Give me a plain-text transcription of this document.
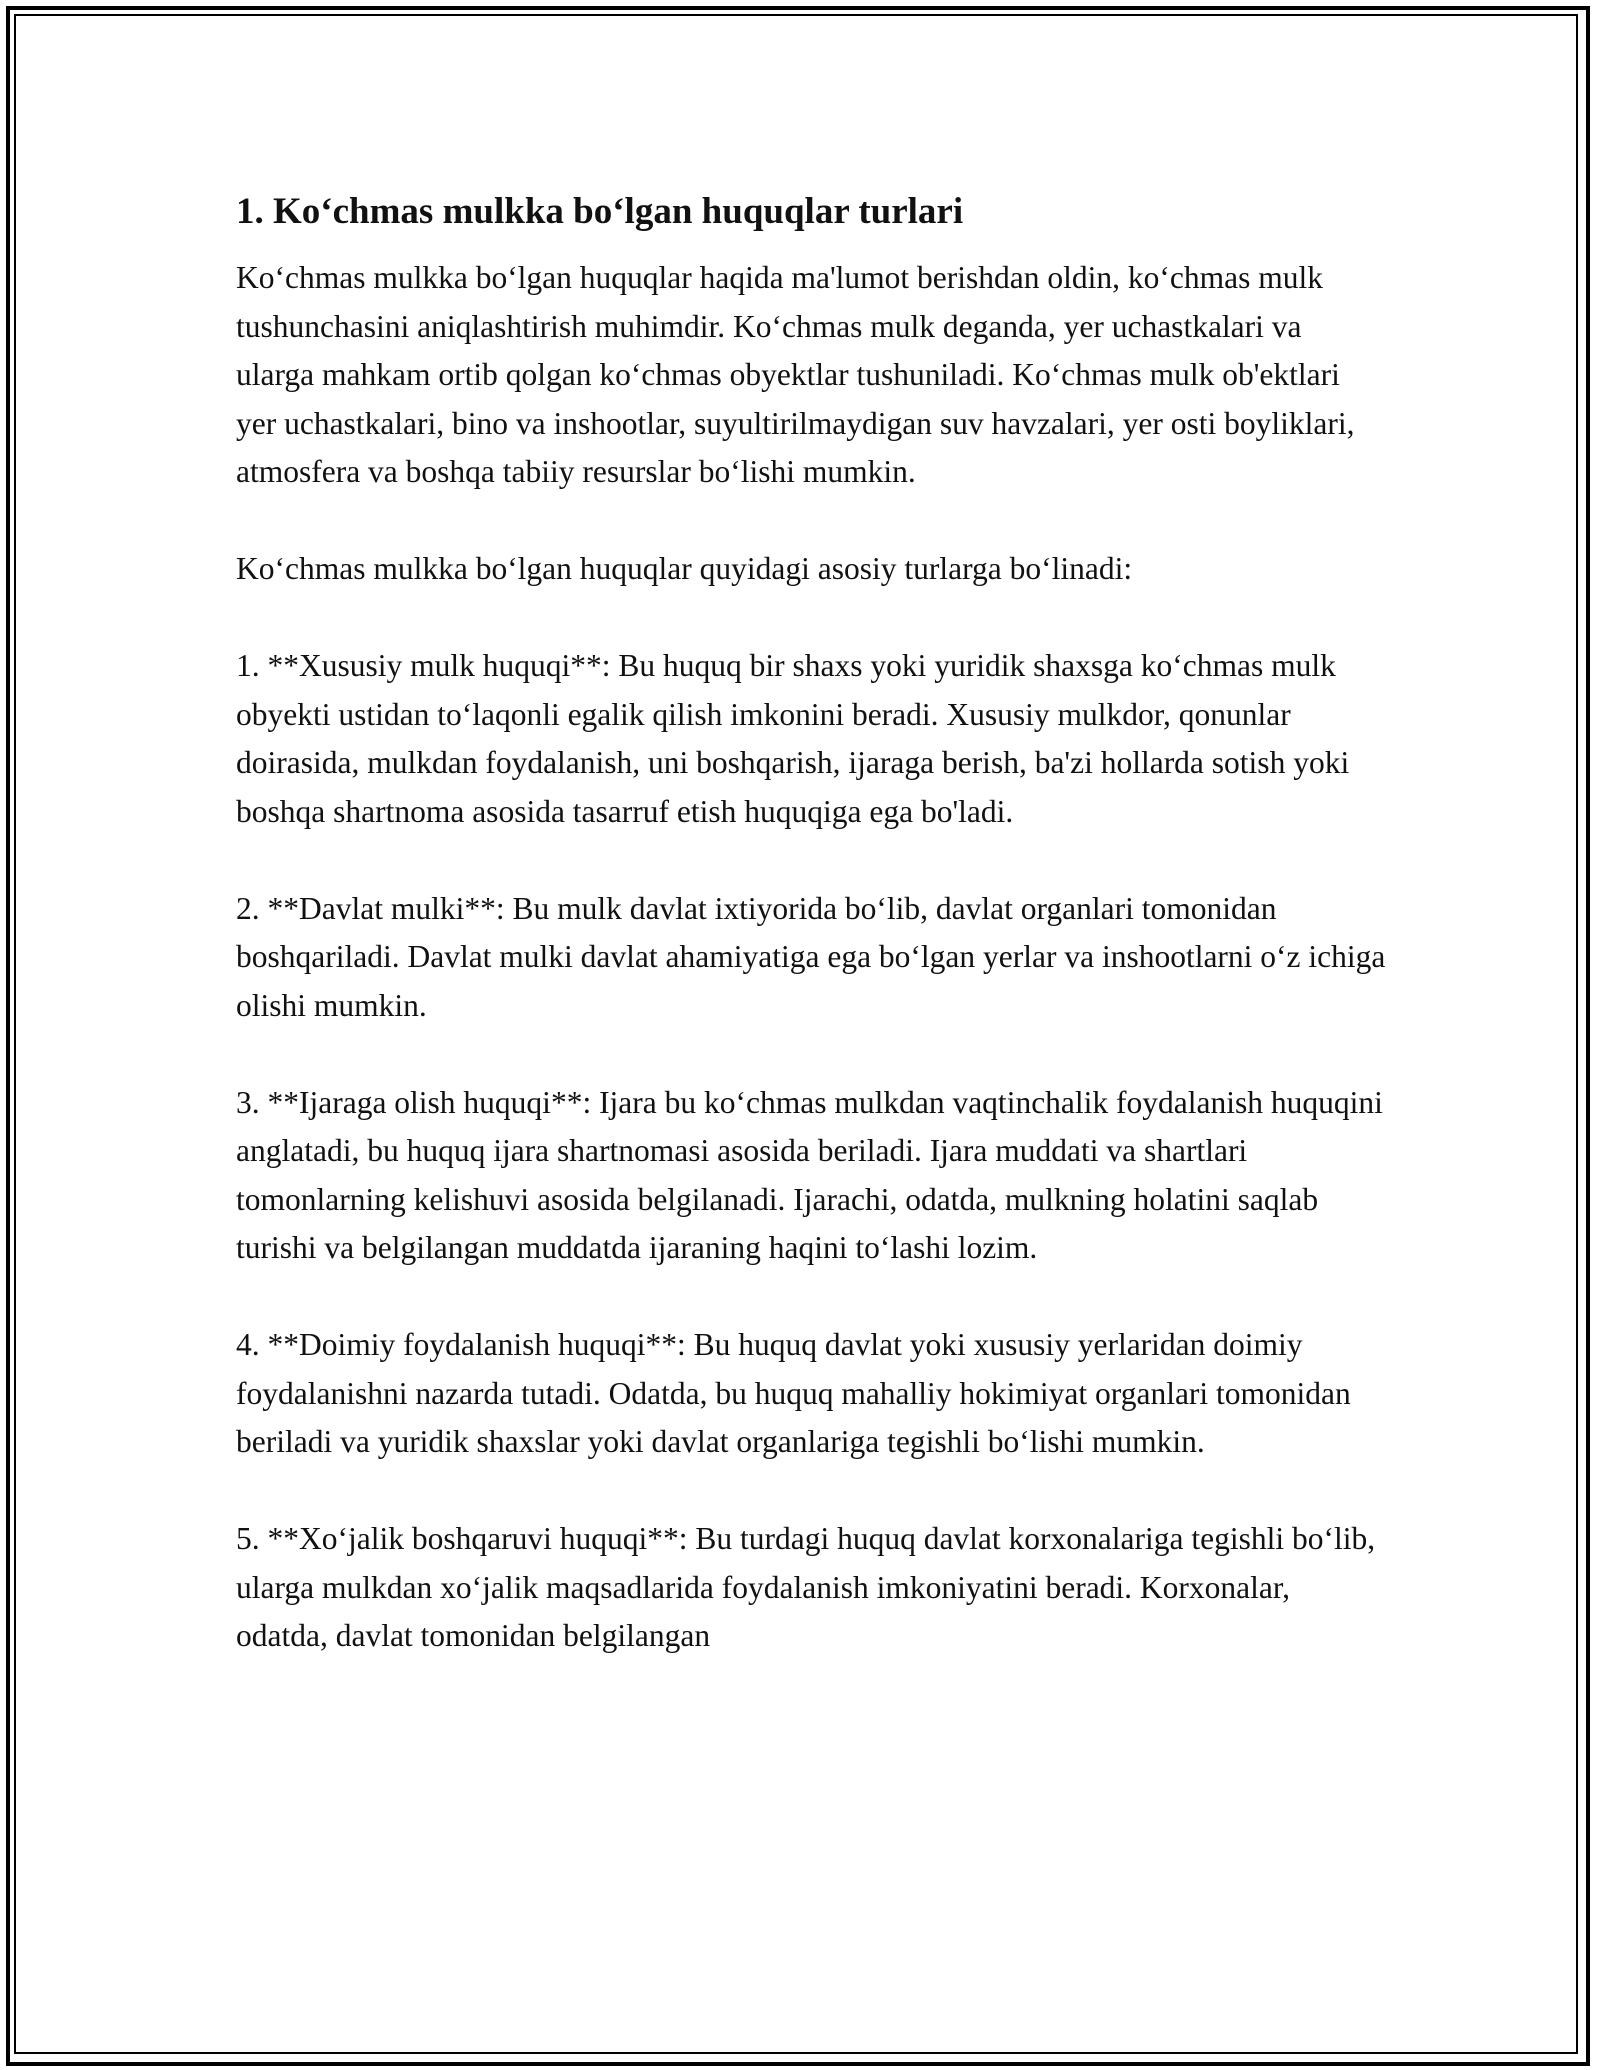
1. Ko‘chmas mulkka bo‘lgan huquqlar turlari

Ko‘chmas mulkka bo‘lgan huquqlar haqida ma'lumot berishdan oldin, ko‘chmas mulk tushunchasini aniqlashtirish muhimdir. Ko‘chmas mulk deganda, yer uchastkalari va ularga mahkam ortib qolgan ko‘chmas obyektlar tushuniladi. Ko‘chmas mulk ob'ektlari yer uchastkalari, bino va inshootlar, suyultirilmaydigan suv havzalari, yer osti boyliklari, atmosfera va boshqa tabiiy resurslar bo‘lishi mumkin.

Ko‘chmas mulkka bo‘lgan huquqlar quyidagi asosiy turlarga bo‘linadi:

1. **Xususiy mulk huquqi**: Bu huquq bir shaxs yoki yuridik shaxsga ko‘chmas mulk obyekti ustidan to‘laqonli egalik qilish imkonini beradi. Xususiy mulkdor, qonunlar doirasida, mulkdan foydalanish, uni boshqarish, ijaraga berish, ba'zi hollarda sotish yoki boshqa shartnoma asosida tasarruf etish huquqiga ega bo'ladi.

2. **Davlat mulki**: Bu mulk davlat ixtiyorida bo‘lib, davlat organlari tomonidan boshqariladi. Davlat mulki davlat ahamiyatiga ega bo‘lgan yerlar va inshootlarni o‘z ichiga olishi mumkin.

3. **Ijaraga olish huquqi**: Ijara bu ko‘chmas mulkdan vaqtinchalik foydalanish huquqini anglatadi, bu huquq ijara shartnomasi asosida beriladi. Ijara muddati va shartlari tomonlarning kelishuvi asosida belgilanadi. Ijarachi, odatda, mulkning holatini saqlab turishi va belgilangan muddatda ijaraning haqini to‘lashi lozim.

4. **Doimiy foydalanish huquqi**: Bu huquq davlat yoki xususiy yerlaridan doimiy foydalanishni nazarda tutadi. Odatda, bu huquq mahalliy hokimiyat organlari tomonidan beriladi va yuridik shaxslar yoki davlat organlariga tegishli bo‘lishi mumkin.

5. **Xo‘jalik boshqaruvi huquqi**: Bu turdagi huquq davlat korxonalariga tegishli bo‘lib, ularga mulkdan xo‘jalik maqsadlarida foydalanish imkoniyatini beradi. Korxonalar, odatda, davlat tomonidan belgilangan
